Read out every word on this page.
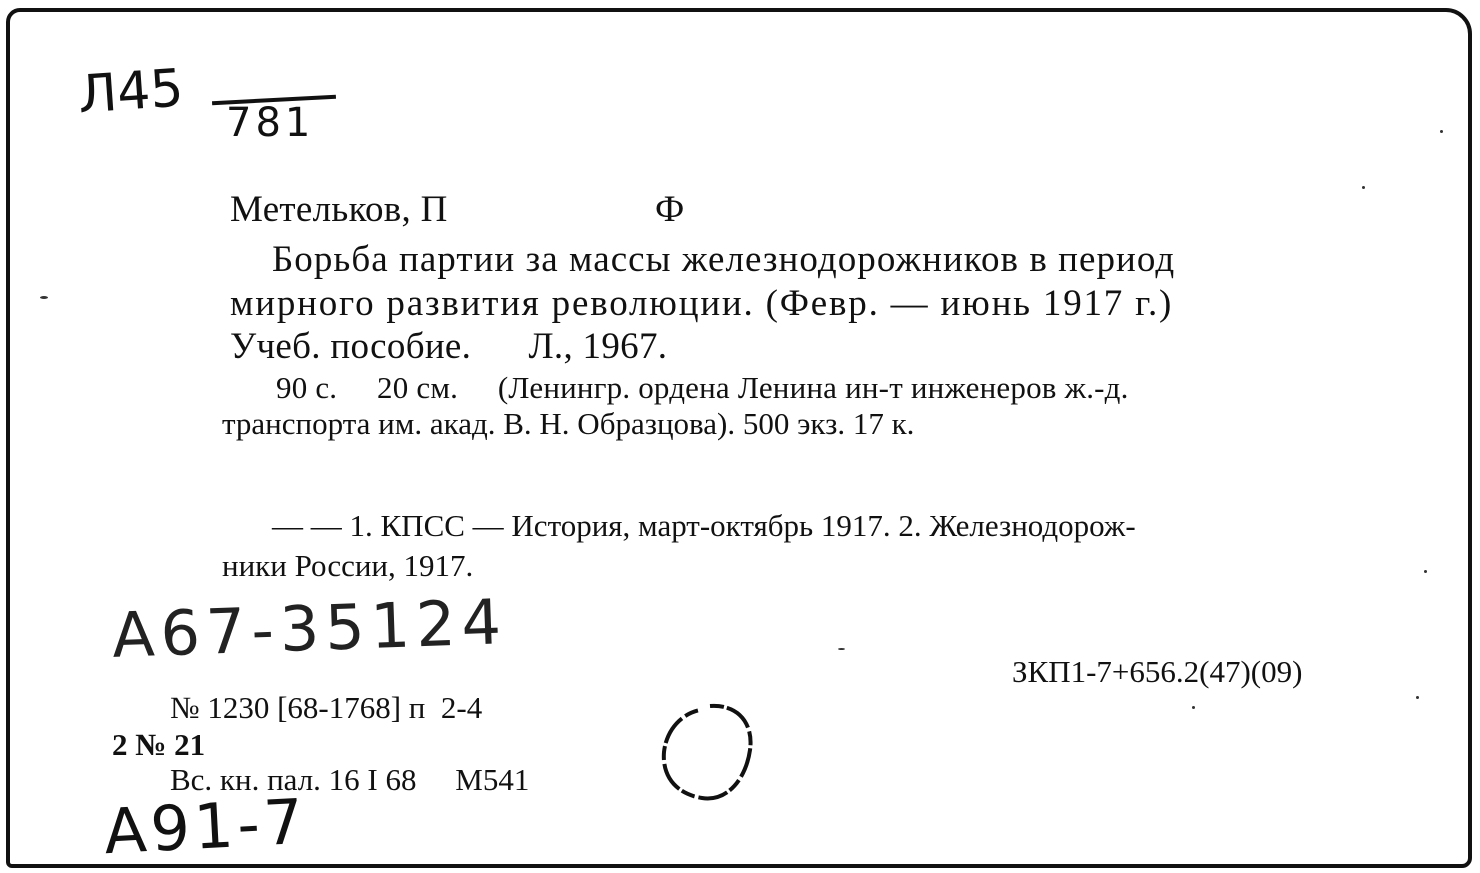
Л45 781
Метельков, П	Ф
Борьба партии за массы железнодорожников в период
мирного развития революции. (Февр. — июнь 1917 г.)
Учеб. пособие.      Л., 1967.
90 с.     20 см.     (Ленингр. ордена Ленина ин-т инженеров ж.-д.
транспорта им. акад. В. Н. Образцова). 500 экз. 17 к.
— — 1. КПСС — История, март-октябрь 1917. 2. Железнодорож-
ники России, 1917.
А67-35124	ЗКП1-7+656.2(47)(09)
№ 1230 [68-1768] п  2-4
2 № 21
Вс. кн. пал. 16 I 68     М541
А91-7
